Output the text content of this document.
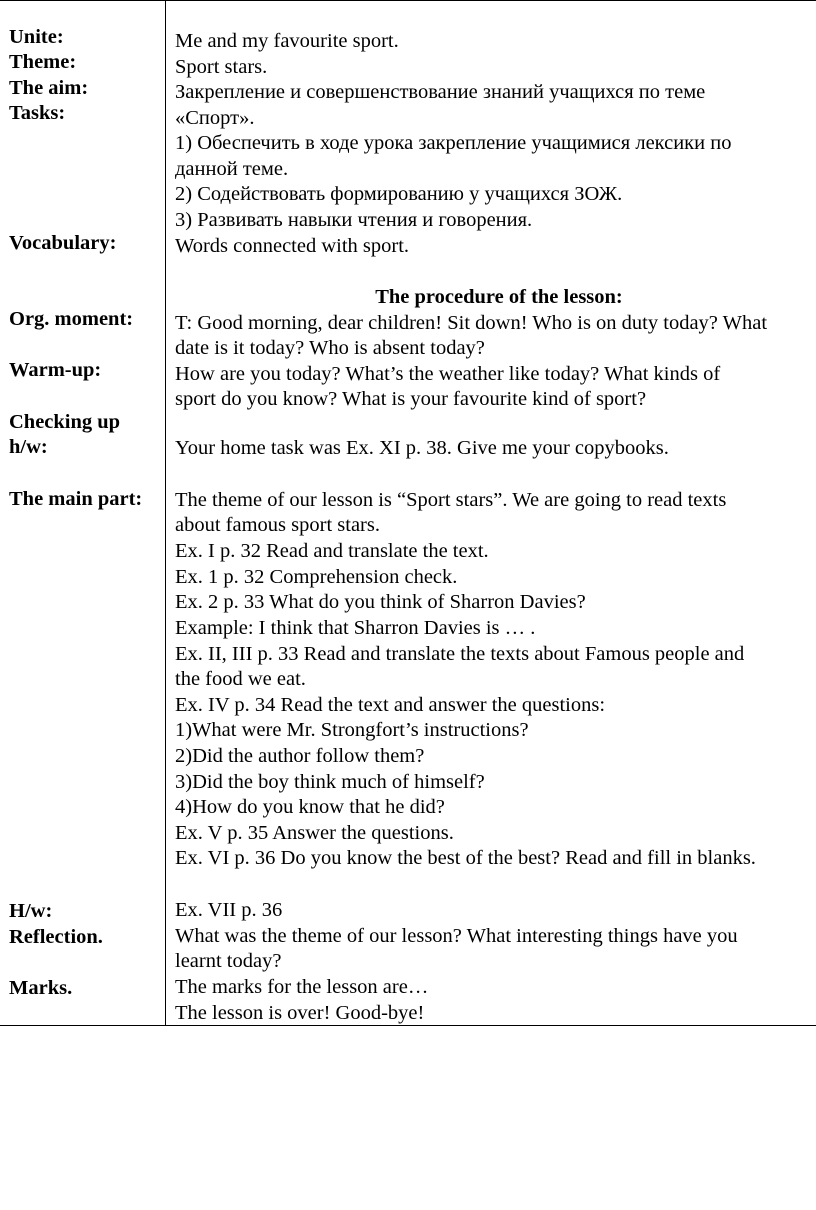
Unite:
Theme:
The aim:
Tasks:
Vocabulary:
Org. moment:
Warm-up:
Checking up
h/w:
The main part:
H/w:
Reflection.
Marks.
Me and my favourite sport.
Sport stars.
Закрепление и совершенствование знаний учащихся по теме
«Спорт».
1) Обеспечить в ходе урока закрепление учащимися лексики по
данной теме.
2) Содействовать формированию у учащихся ЗОЖ.
3) Развивать навыки чтения и говорения.
Words connected with sport.
The procedure of the lesson:
T: Good morning, dear children! Sit down! Who is on duty today? What
date is it today? Who is absent today?
How are you today? What’s the weather like today? What kinds of
sport do you know? What is your favourite kind of sport?
Your home task was Ex. XI p. 38. Give me your copybooks.
The theme of our lesson is “Sport stars”. We are going to read texts
about famous sport stars.
Ex. I p. 32 Read and translate the text.
Ex. 1 p. 32 Comprehension check.
Ex. 2 p. 33 What do you think of Sharron Davies?
Example: I think that Sharron Davies is … .
Ex. II, III p. 33 Read and translate the texts about Famous people and
the food we eat.
Ex. IV p. 34 Read the text and answer the questions:
1)What were Mr. Strongfort’s instructions?
2)Did the author follow them?
3)Did the boy think much of himself?
4)How do you know that he did?
Ex. V p. 35 Answer the questions.
Ex. VI p. 36 Do you know the best of the best? Read and fill in blanks.
Ex. VII p. 36
What was the theme of our lesson? What interesting things have you
learnt today?
The marks for the lesson are…
The lesson is over! Good-bye!
